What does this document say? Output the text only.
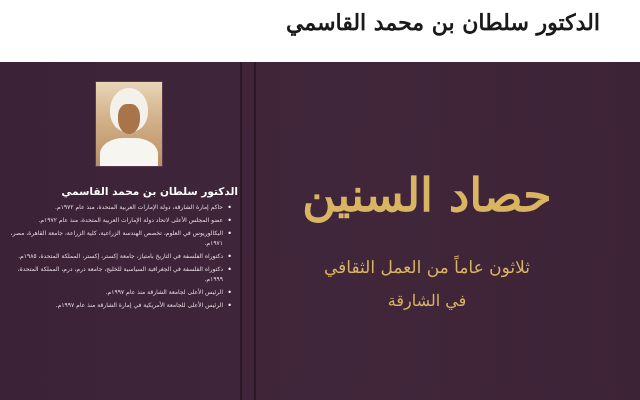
الدكتور سلطان بن محمد القاسمي
الدكتور سلطان بن محمد القاسمي
• حاكم إمارة الشارقة، دولة الإمارات العربية المتحدة، منذ عام ١٩٧٢م.
• عضو المجلس الأعلى لاتحاد دولة الإمارات العربية المتحدة، منذ عام ١٩٧٢م.
• البكالوريوس في العلوم، تخصص الهندسة الزراعية، كلية الزراعة، جامعة القاهرة، مصر، ١٩٧١م.
• دكتوراه الفلسفة في التاريخ بامتياز، جامعة إكستر، إكستر، المملكة المتحدة، ١٩٨٥م.
• دكتوراه الفلسفة في الجغرافية السياسية للخليج، جامعة درم، درم، المملكة المتحدة، ١٩٩٩م.
• الرئيس الأعلى لجامعة الشارقة منذ عام ١٩٩٧م.
• الرئيس الأعلى للجامعة الأمريكية في إمارة الشارقة منذ عام ١٩٩٧م.
حصاد السنين
ثلاثون عاماً من العمل الثقافي
في الشارقة
